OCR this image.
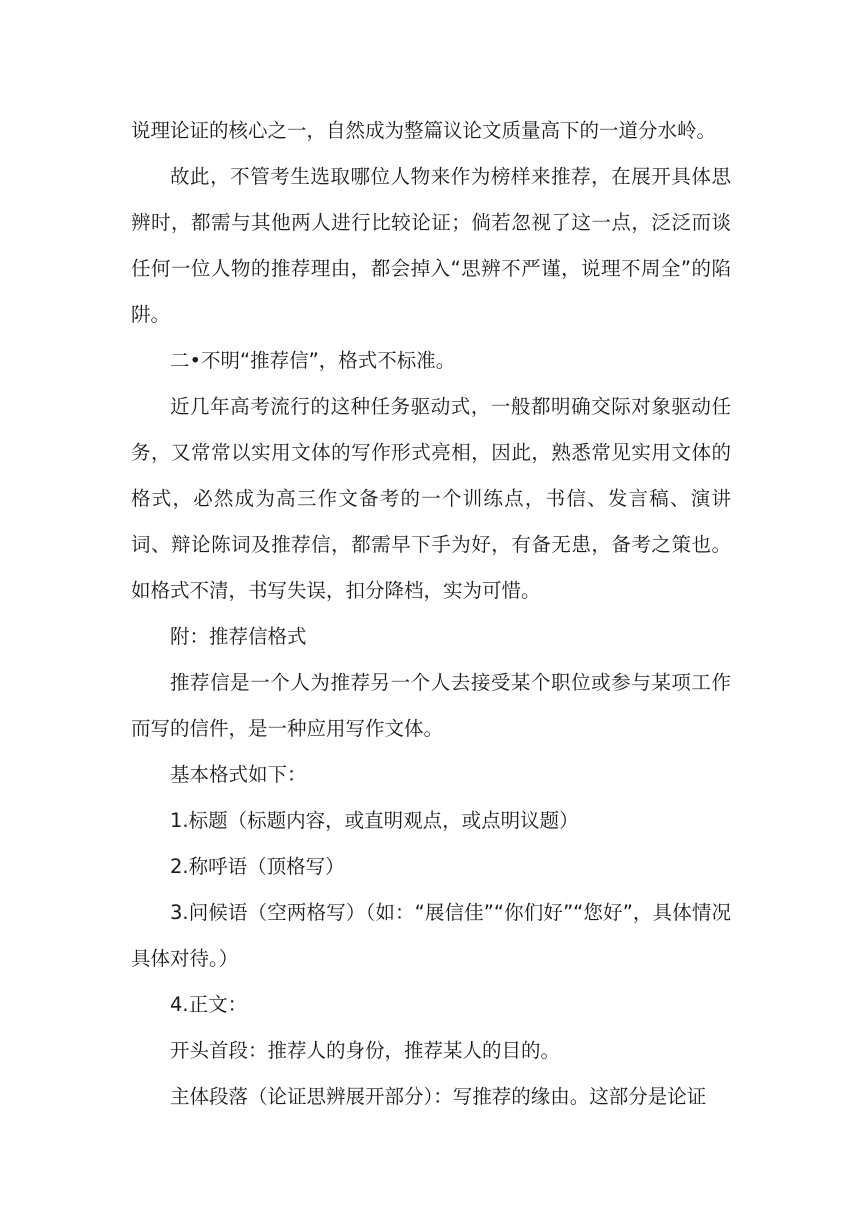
说理论证的核心之一，自然成为整篇议论文质量高下的一道分水岭。

故此，不管考生选取哪位人物来作为榜样来推荐，在展开具体思辨时，都需与其他两人进行比较论证；倘若忽视了这一点，泛泛而谈任何一位人物的推荐理由，都会掉入“思辨不严谨，说理不周全”的陷阱。

二•不明“推荐信”，格式不标准。

近几年高考流行的这种任务驱动式，一般都明确交际对象驱动任务，又常常以实用文体的写作形式亮相，因此，熟悉常见实用文体的格式，必然成为高三作文备考的一个训练点，书信、发言稿、演讲词、辩论陈词及推荐信，都需早下手为好，有备无患，备考之策也。如格式不清，书写失误，扣分降档，实为可惜。

附：推荐信格式

推荐信是一个人为推荐另一个人去接受某个职位或参与某项工作而写的信件，是一种应用写作文体。

基本格式如下：

1.标题（标题内容，或直明观点，或点明议题）

2.称呼语（顶格写）

3.问候语（空两格写）（如：“展信佳”“你们好”“您好”，具体情况具体对待。）

4.正文：

开头首段：推荐人的身份，推荐某人的目的。

主体段落（论证思辨展开部分）：写推荐的缘由。这部分是论证
